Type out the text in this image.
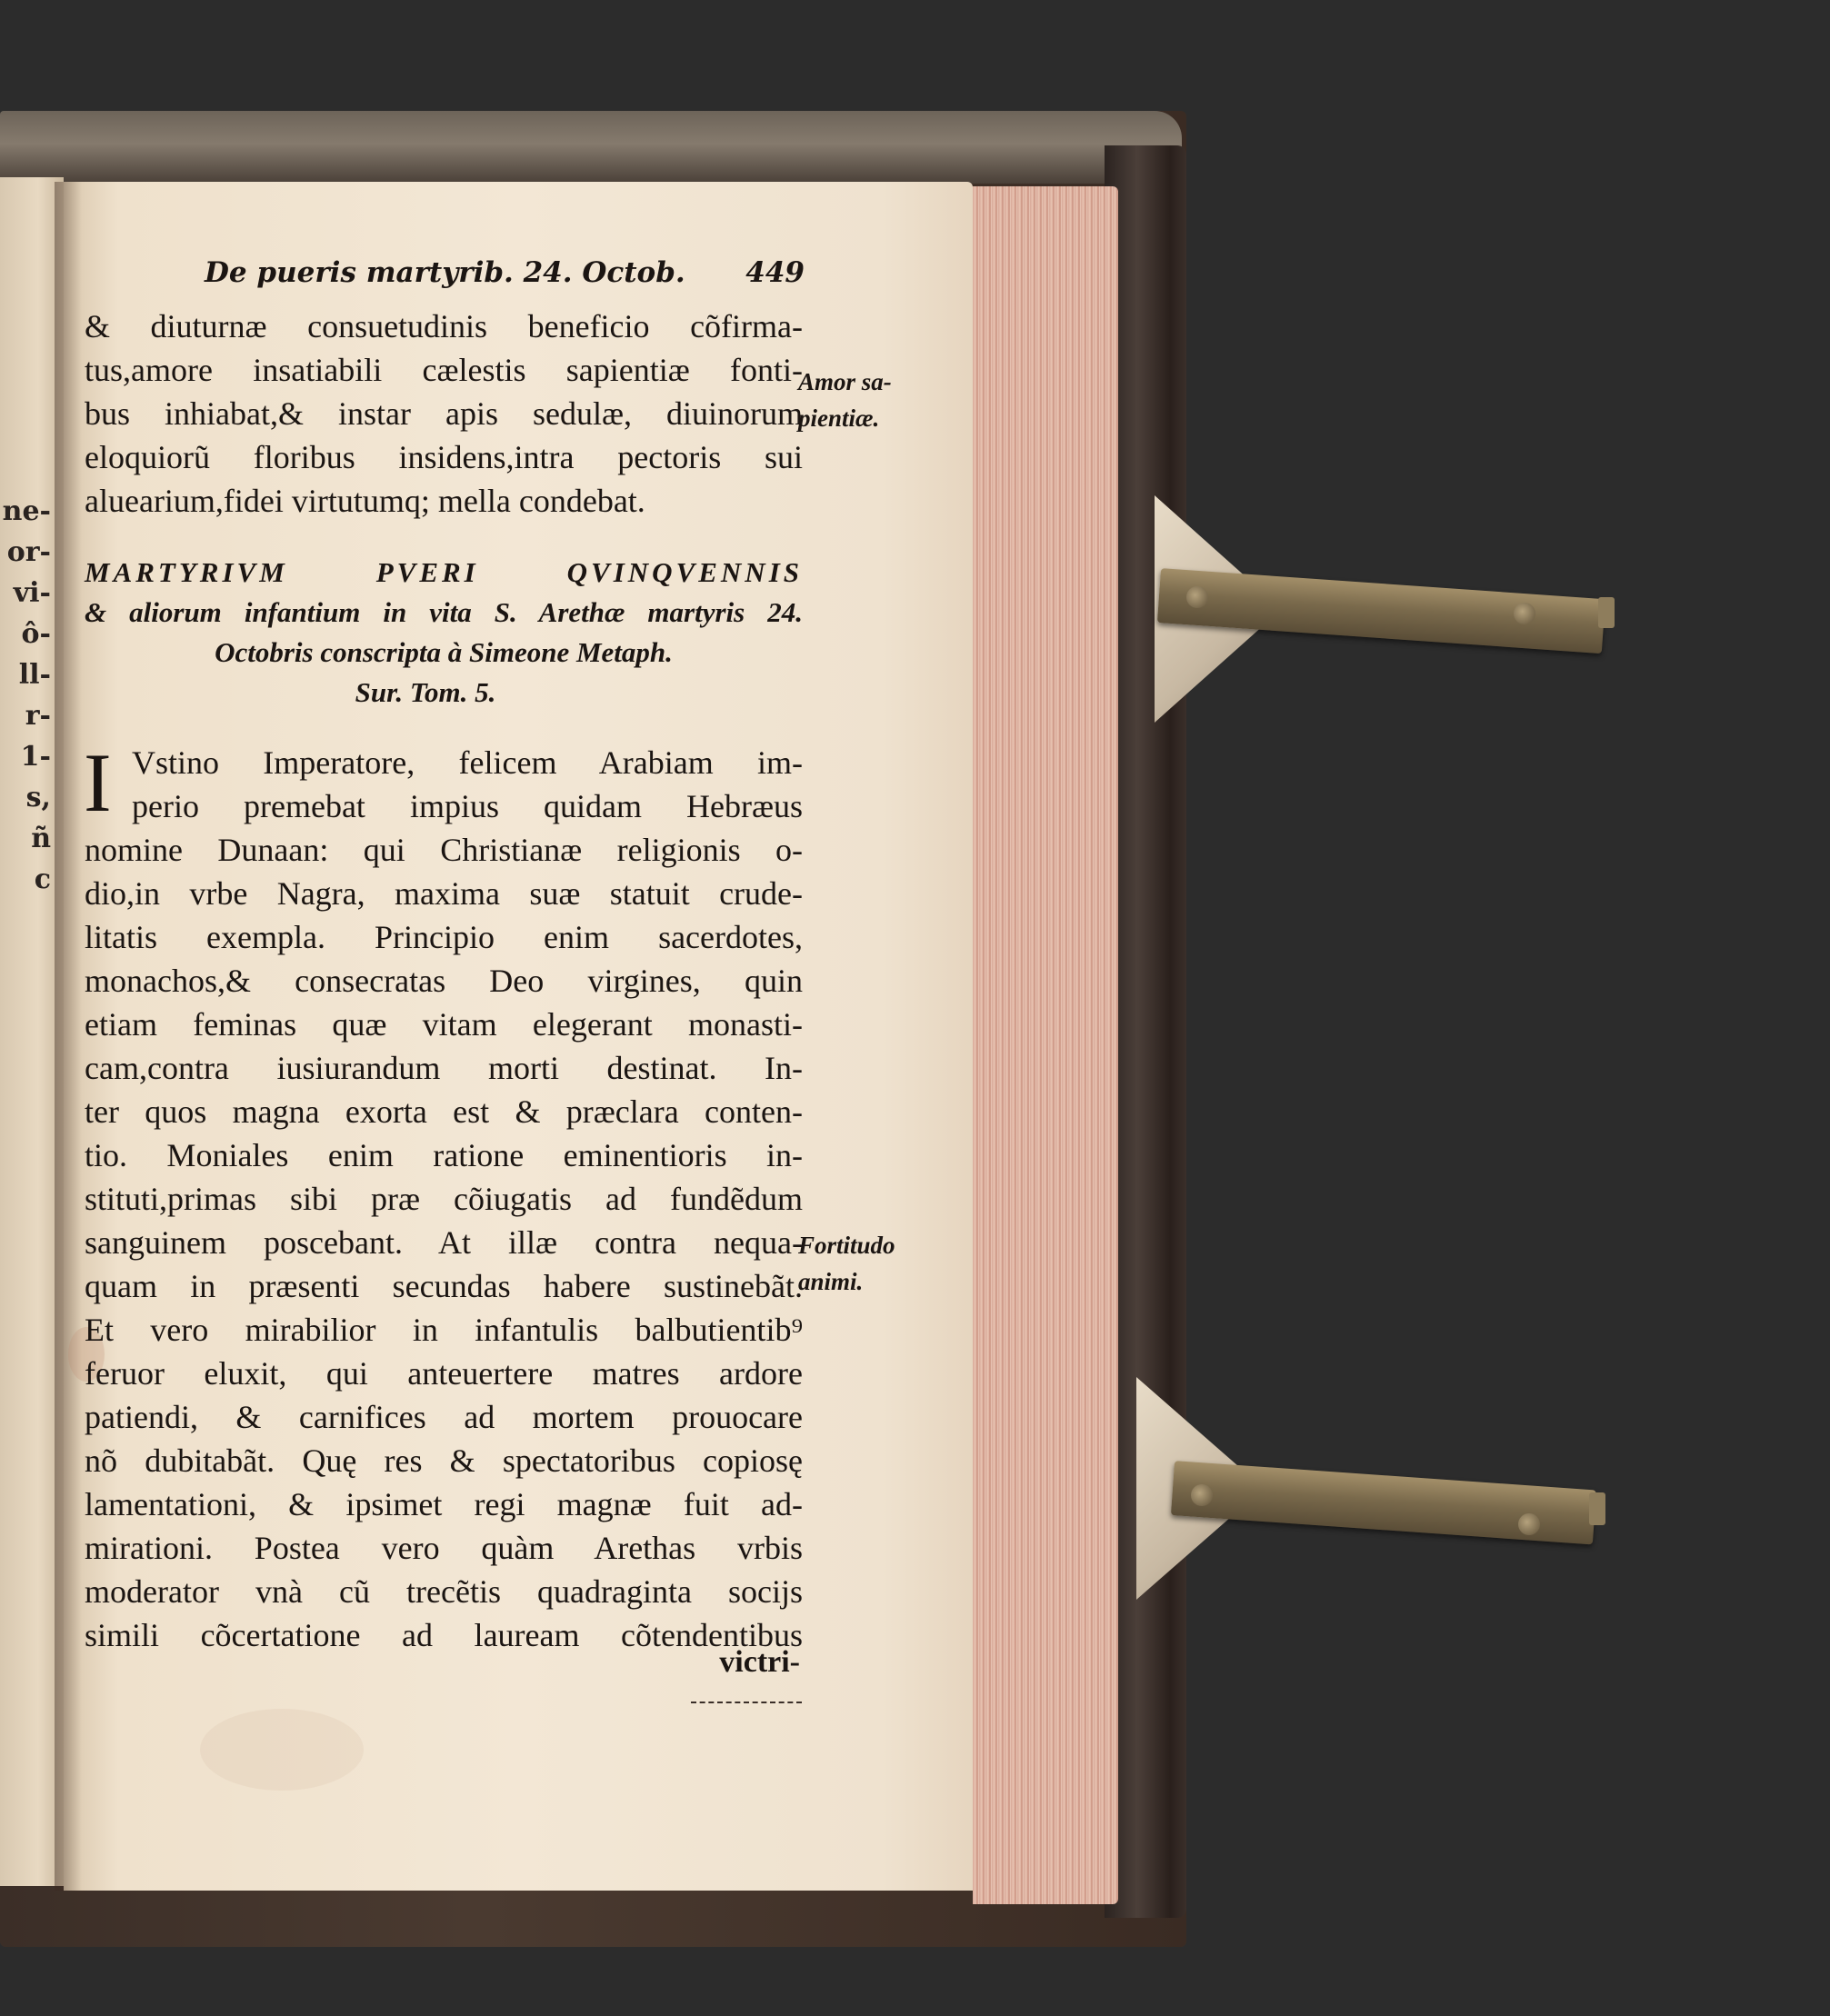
ne-
or-
vi-
ô-
ll-
r-
1-
s,
ñ
c
De pueris martyrib. 24. Octob. 449
& diuturnæ consuetudinis beneficio cõfirma-
tus,amore insatiabili cælestis sapientiæ fonti-
bus inhiabat,& instar apis sedulæ, diuinorum
eloquiorũ floribus insidens,intra pectoris sui
aluearium,fidei virtutumq; mella condebat.
Amor sa-
pientiæ.
MARTYRIVM PVERI QVINQVENNIS
& aliorum infantium in vita S. Arethæ martyris 24.
Octobris conscripta à Simeone Metaph.
Sur. Tom. 5.
I Vstino Imperatore, felicem Arabiam im-
perio premebat impius quidam Hebræus
nomine Dunaan: qui Christianæ religionis o-
dio,in vrbe Nagra, maxima suæ statuit crude-
litatis exempla. Principio enim sacerdotes,
monachos,& consecratas Deo virgines, quin
etiam feminas quæ vitam elegerant monasti-
cam,contra iusiurandum morti destinat. In-
ter quos magna exorta est & præclara conten-
tio. Moniales enim ratione eminentioris in-
stituti,primas sibi præ cõiugatis ad fundẽdum
sanguinem poscebant. At illæ contra nequa-
quam in præsenti secundas habere sustinebãt.
Et vero mirabilior in infantulis balbutientib⁹
feruor eluxit, qui anteuertere matres ardore
patiendi, & carnifices ad mortem prouocare
nõ dubitabãt. Quę res & spectatoribus copiosę
lamentationi, & ipsimet regi magnæ fuit ad-
mirationi. Postea vero quàm Arethas vrbis
moderator vnà cũ trecẽtis quadraginta socijs
simili cõcertatione ad lauream cõtendentibus
Fortitudo
animi.
victri-
